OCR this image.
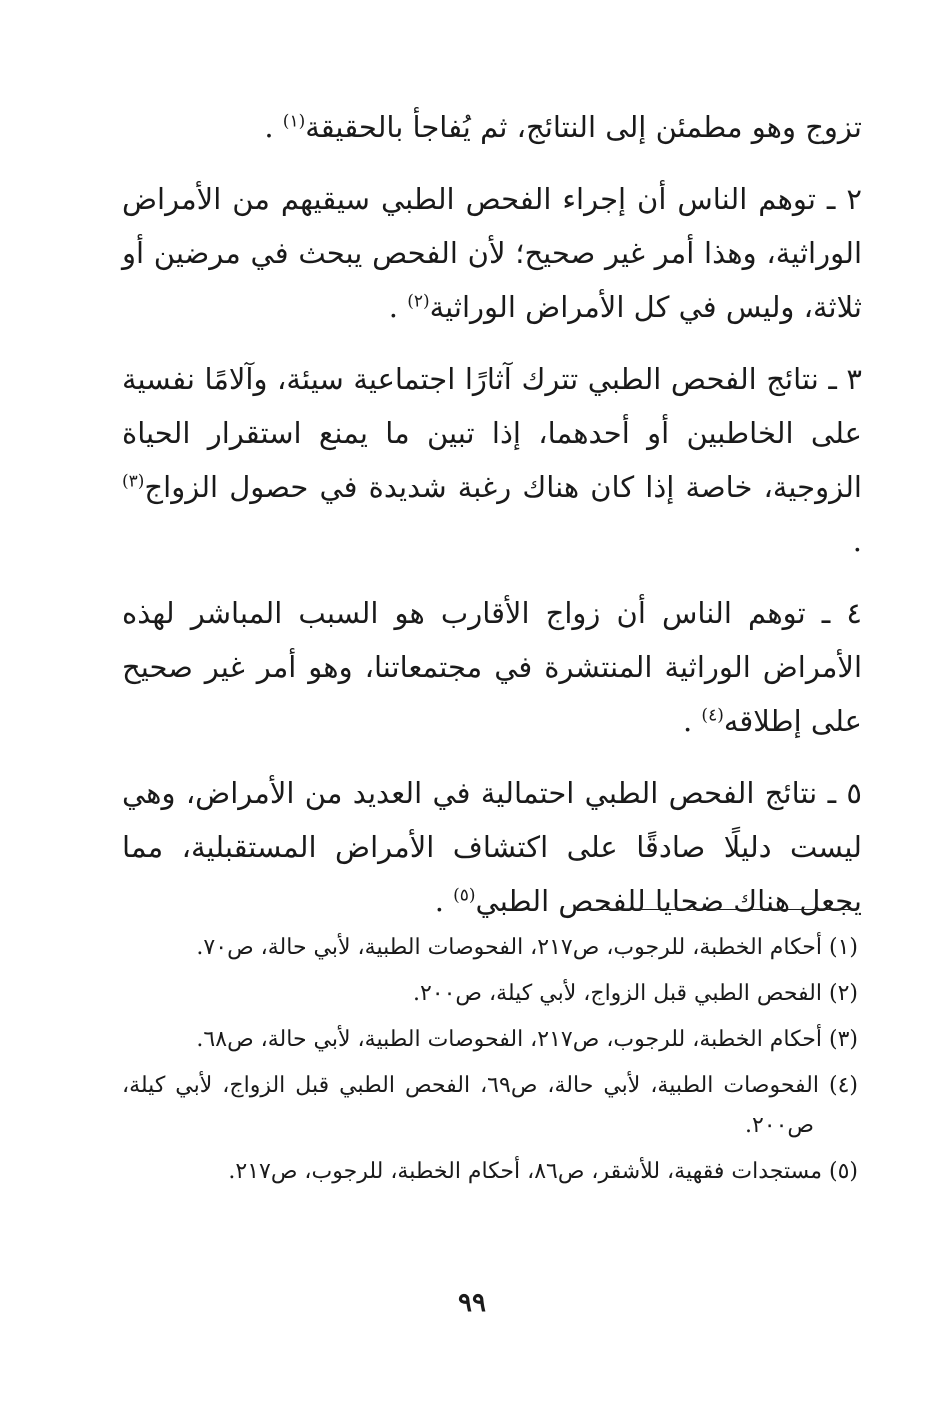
تزوج وهو مطمئن إلى النتائج، ثم يُفاجأ بالحقيقة$^{(١)}$ .

٢ ـ توهم الناس أن إجراء الفحص الطبي سيقيهم من الأمراض الوراثية، وهذا أمر غير صحيح؛ لأن الفحص يبحث في مرضين أو ثلاثة، وليس في كل الأمراض الوراثية$^{(٢)}$ .

٣ ـ نتائج الفحص الطبي تترك آثارًا اجتماعية سيئة، وآلامًا نفسية على الخاطبين أو أحدهما، إذا تبين ما يمنع استقرار الحياة الزوجية، خاصة إذا كان هناك رغبة شديدة في حصول الزواج$^{(٣)}$ .

٤ ـ توهم الناس أن زواج الأقارب هو السبب المباشر لهذه الأمراض الوراثية المنتشرة في مجتمعاتنا، وهو أمر غير صحيح على إطلاقه$^{(٤)}$ .

٥ ـ نتائج الفحص الطبي احتمالية في العديد من الأمراض، وهي ليست دليلًا صادقًا على اكتشاف الأمراض المستقبلية، مما يجعل هناك ضحايا للفحص الطبي$^{(٥)}$ .

(١) أحكام الخطبة، للرجوب، ص٢١٧، الفحوصات الطبية، لأبي حالة، ص٧٠.

(٢) الفحص الطبي قبل الزواج، لأبي كيلة، ص٢٠٠.

(٣) أحكام الخطبة، للرجوب، ص٢١٧، الفحوصات الطبية، لأبي حالة، ص٦٨.

(٤) الفحوصات الطبية، لأبي حالة، ص٦٩، الفحص الطبي قبل الزواج، لأبي كيلة، ص٢٠٠.

(٥) مستجدات فقهية، للأشقر، ص٨٦، أحكام الخطبة، للرجوب، ص٢١٧.

٩٩
